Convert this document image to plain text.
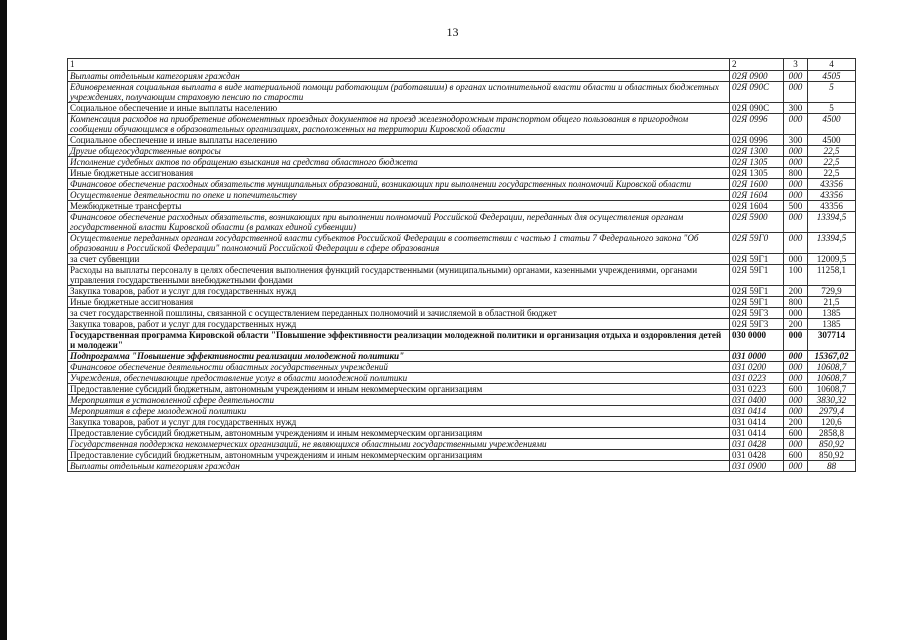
13
1	2	3	4
Выплаты отдельным категориям граждан	02Я 0900	000	4505
Единовременная социальная выплата в виде материальной помощи работающим (работавшим) в органах исполнительной власти области и областных бюджетных учреждениях, получающим страховую пенсию по старости	02Я 090С	000	5
Социальное обеспечение и иные выплаты населению	02Я 090С	300	5
Компенсация расходов на приобретение абонементных проездных документов на проезд железнодорожным транспортом общего пользования в пригородном сообщении обучающимся в образовательных организациях, расположенных на территории Кировской области	02Я 0996	000	4500
Социальное обеспечение и иные выплаты населению	02Я 0996	300	4500
Другие общегосударственные вопросы	02Я 1300	000	22,5
Исполнение судебных актов по обращению взыскания на средства областного бюджета	02Я 1305	000	22,5
Иные бюджетные ассигнования	02Я 1305	800	22,5
Финансовое обеспечение расходных обязательств муниципальных образований, возникающих при выполнении государственных полномочий Кировской области	02Я 1600	000	43356
Осуществление деятельности по опеке и попечительству	02Я 1604	000	43356
Межбюджетные трансферты	02Я 1604	500	43356
Финансовое обеспечение расходных обязательств, возникающих при выполнении полномочий Российской Федерации, переданных для осуществления органам государственной власти Кировской области (в рамках единой субвенции)	02Я 5900	000	13394,5
Осуществление переданных органам государственной власти субъектов Российской Федерации в соответствии с частью 1 статьи 7 Федерального закона "Об образовании в Российской Федерации" полномочий Российской Федерации в сфере образования	02Я 59Г0	000	13394,5
за счет субвенции	02Я 59Г1	000	12009,5
Расходы на выплаты персоналу в целях обеспечения выполнения функций государственными (муниципальными) органами, казенными учреждениями, органами управления государственными внебюджетными фондами	02Я 59Г1	100	11258,1
Закупка товаров, работ и услуг для государственных нужд	02Я 59Г1	200	729,9
Иные бюджетные ассигнования	02Я 59Г1	800	21,5
за счет государственной пошлины, связанной с осуществлением переданных полномочий и зачисляемой в областной бюджет	02Я 59Г3	000	1385
Закупка товаров, работ и услуг для государственных нужд	02Я 59Г3	200	1385
Государственная программа Кировской области "Повышение эффективности реализации молодежной политики и организация отдыха и оздоровления детей и молодежи"	030 0000	000	307714
Подпрограмма "Повышение эффективности реализации молодежной политики"	031 0000	000	15367,02
Финансовое обеспечение деятельности областных государственных учреждений	031 0200	000	10608,7
Учреждения, обеспечивающие предоставление услуг в области молодежной политики	031 0223	000	10608,7
Предоставление субсидий бюджетным, автономным учреждениям и иным некоммерческим организациям	031 0223	600	10608,7
Мероприятия в установленной сфере деятельности	031 0400	000	3830,32
Мероприятия в сфере молодежной политики	031 0414	000	2979,4
Закупка товаров, работ и услуг для государственных нужд	031 0414	200	120,6
Предоставление субсидий бюджетным, автономным учреждениям и иным некоммерческим организациям	031 0414	600	2858,8
Государственная поддержка некоммерческих организаций, не являющихся областными государственными учреждениями	031 0428	000	850,92
Предоставление субсидий бюджетным, автономным учреждениям и иным некоммерческим организациям	031 0428	600	850,92
Выплаты отдельным категориям граждан	031 0900	000	88
